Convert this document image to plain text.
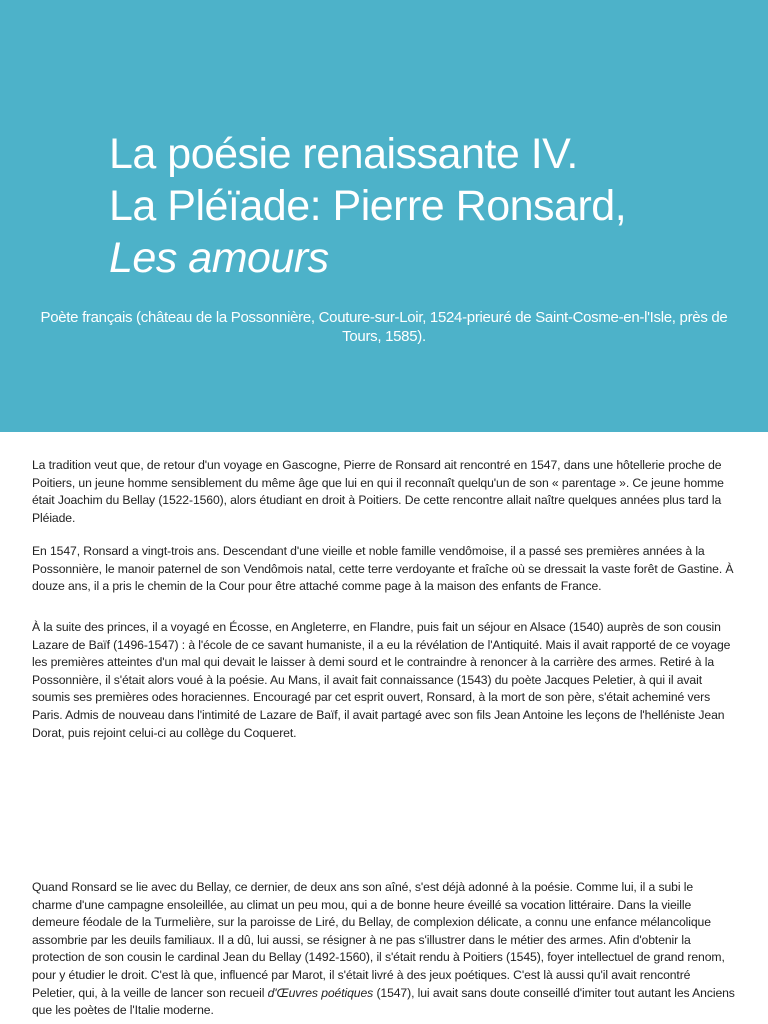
La poésie renaissante IV.
La Pléïade: Pierre Ronsard,
Les amours

Poète français (château de la Possonnière, Couture-sur-Loir, 1524-prieuré de Saint-Cosme-en-l'Isle, près de Tours, 1585).

La tradition veut que, de retour d'un voyage en Gascogne, Pierre de Ronsard ait rencontré en 1547, dans une hôtellerie proche de Poitiers, un jeune homme sensiblement du même âge que lui en qui il reconnaît quelqu'un de son « parentage ». Ce jeune homme était Joachim du Bellay (1522-1560), alors étudiant en droit à Poitiers. De cette rencontre allait naître quelques années plus tard la Pléiade.

En 1547, Ronsard a vingt-trois ans. Descendant d'une vieille et noble famille vendômoise, il a passé ses premières années à la Possonnière, le manoir paternel de son Vendômois natal, cette terre verdoyante et fraîche où se dressait la vaste forêt de Gastine. À douze ans, il a pris le chemin de la Cour pour être attaché comme page à la maison des enfants de France.

À la suite des princes, il a voyagé en Écosse, en Angleterre, en Flandre, puis fait un séjour en Alsace (1540) auprès de son cousin Lazare de Baïf (1496-1547) : à l'école de ce savant humaniste, il a eu la révélation de l'Antiquité. Mais il avait rapporté de ce voyage les premières atteintes d'un mal qui devait le laisser à demi sourd et le contraindre à renoncer à la carrière des armes. Retiré à la Possonnière, il s'était alors voué à la poésie. Au Mans, il avait fait connaissance (1543) du poète Jacques Peletier, à qui il avait soumis ses premières odes horaciennes. Encouragé par cet esprit ouvert, Ronsard, à la mort de son père, s'était acheminé vers Paris. Admis de nouveau dans l'intimité de Lazare de Baïf, il avait partagé avec son fils Jean Antoine les leçons de l'helléniste Jean Dorat, puis rejoint celui-ci au collège du Coqueret.

Quand Ronsard se lie avec du Bellay, ce dernier, de deux ans son aîné, s'est déjà adonné à la poésie. Comme lui, il a subi le charme d'une campagne ensoleillée, au climat un peu mou, qui a de bonne heure éveillé sa vocation littéraire. Dans la vieille demeure féodale de la Turmelière, sur la paroisse de Liré, du Bellay, de complexion délicate, a connu une enfance mélancolique assombrie par les deuils familiaux. Il a dû, lui aussi, se résigner à ne pas s'illustrer dans le métier des armes. Afin d'obtenir la protection de son cousin le cardinal Jean du Bellay (1492-1560), il s'était rendu à Poitiers (1545), foyer intellectuel de grand renom, pour y étudier le droit. C'est là que, influencé par Marot, il s'était livré à des jeux poétiques. C'est là aussi qu'il avait rencontré Peletier, qui, à la veille de lancer son recueil d'Œuvres poétiques (1547), lui avait sans doute conseillé d'imiter tout autant les Anciens que les poètes de l'Italie moderne.
